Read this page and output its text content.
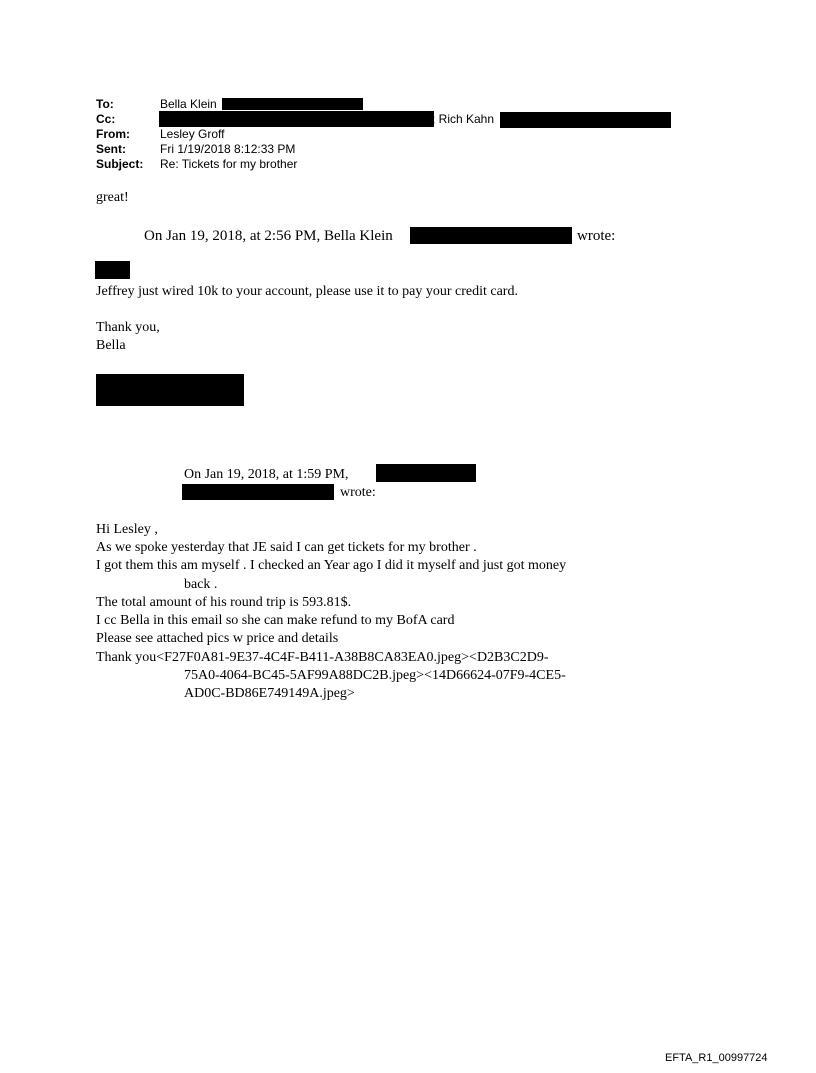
To:	Bella Klein
Cc:	; Rich Kahn
From:	Lesley Groff
Sent:	Fri 1/19/2018 8:12:33 PM
Subject: Re: Tickets for my brother
great!
On Jan 19, 2018, at 2:56 PM, Bella Klein	wrote:
Jeffrey just wired 10k to your account, please use it to pay your credit card.
Thank you,
Bella
On Jan 19, 2018, at 1:59 PM,
wrote:
Hi Lesley ,
As we spoke yesterday that JE said I can get tickets for my brother .
I got them this am myself . I checked an Year ago I did it myself and just got money
back .
The total amount of his round trip is 593.81$.
I cc Bella in this email so she can make refund to my BofA card
Please see attached pics w price and details
Thank you<F27F0A81-9E37-4C4F-B411-A38B8CA83EA0.jpeg><D2B3C2D9-
75A0-4064-BC45-5AF99A88DC2B.jpeg><14D66624-07F9-4CE5-
AD0C-BD86E749149A.jpeg>
EFTA_R1_00997724
